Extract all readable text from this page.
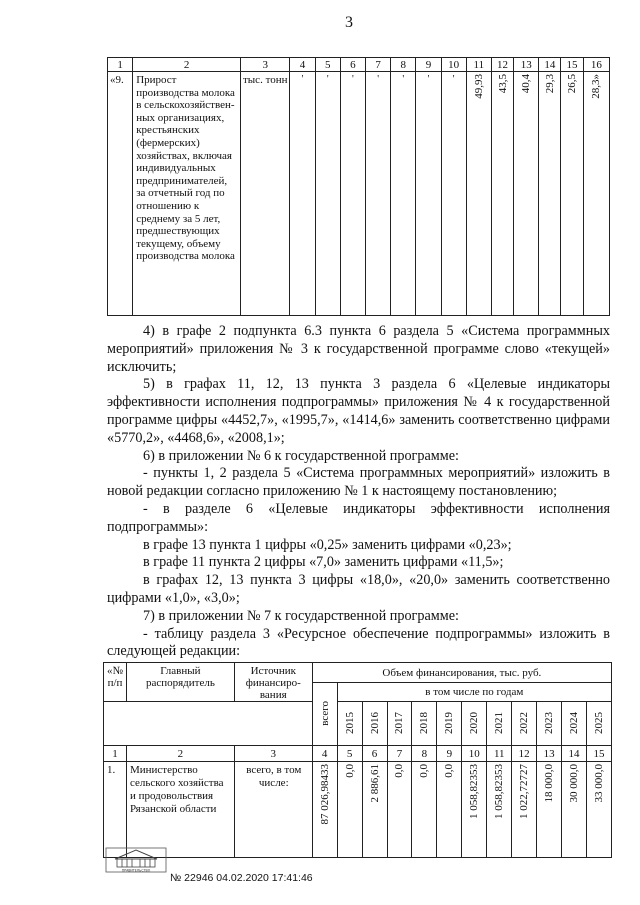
3
1	2	3	4	5	6	7	8	9	10	11	12	13	14	15	16
«9.	Прирост производства молока в сельскохозяйствен-ных организациях, крестьянских (фермерских) хозяйствах, включая индивидуальных предпринимателей, за отчетный год по отношению к среднему за 5 лет, предшествующих текущему, объему производства молока	тыс. тонн	'	'	'	'	'	'	'	49,93	43,5	40,4	29,3	26,5	28,3»

4) в графе 2 подпункта 6.3 пункта 6 раздела 5 «Система программных мероприятий» приложения № 3 к государственной программе слово «текущей» исключить;

5) в графах 11, 12, 13 пункта 3 раздела 6 «Целевые индикаторы эффективности исполнения подпрограммы» приложения № 4 к государственной программе цифры «4452,7», «1995,7», «1414,6» заменить соответственно цифрами «5770,2», «4468,6», «2008,1»;

6) в приложении № 6 к государственной программе:

- пункты 1, 2 раздела 5 «Система программных мероприятий» изложить в новой редакции согласно приложению № 1 к настоящему постановлению;

- в разделе 6 «Целевые индикаторы эффективности исполнения подпрограммы»:

в графе 13 пункта 1 цифры «0,25» заменить цифрами «0,23»;

в графе 11 пункта 2 цифры «7,0» заменить цифрами «11,5»;

в графах 12, 13 пункта 3 цифры «18,0», «20,0» заменить соответственно цифрами «1,0», «3,0»;

7) в приложении № 7 к государственной программе:

- таблицу раздела 3 «Ресурсное обеспечение подпрограммы» изложить в следующей редакции:

«№ п/п	Главный распорядитель	Источник финансиро-вания	Объем финансирования, тыс. руб.											
			всего	в том числе по годам										
				2015	2016	2017	2018	2019	2020	2021	2022	2023	2024	2025
1	2	3	4	5	6	7	8	9	10	11	12	13	14	15
1.	Министерство сельского хозяйства и продовольствия Рязанской области	всего, в том числе:	87 026,98433	0,0	2 886,61	0,0	0,0	0,0	1 058,82353	1 058,82353	1 022,72727	18 000,0	30 000,0	33 000,0
ПРАВИТЕЛЬСТВО
№ 22946 04.02.2020 17:41:46
